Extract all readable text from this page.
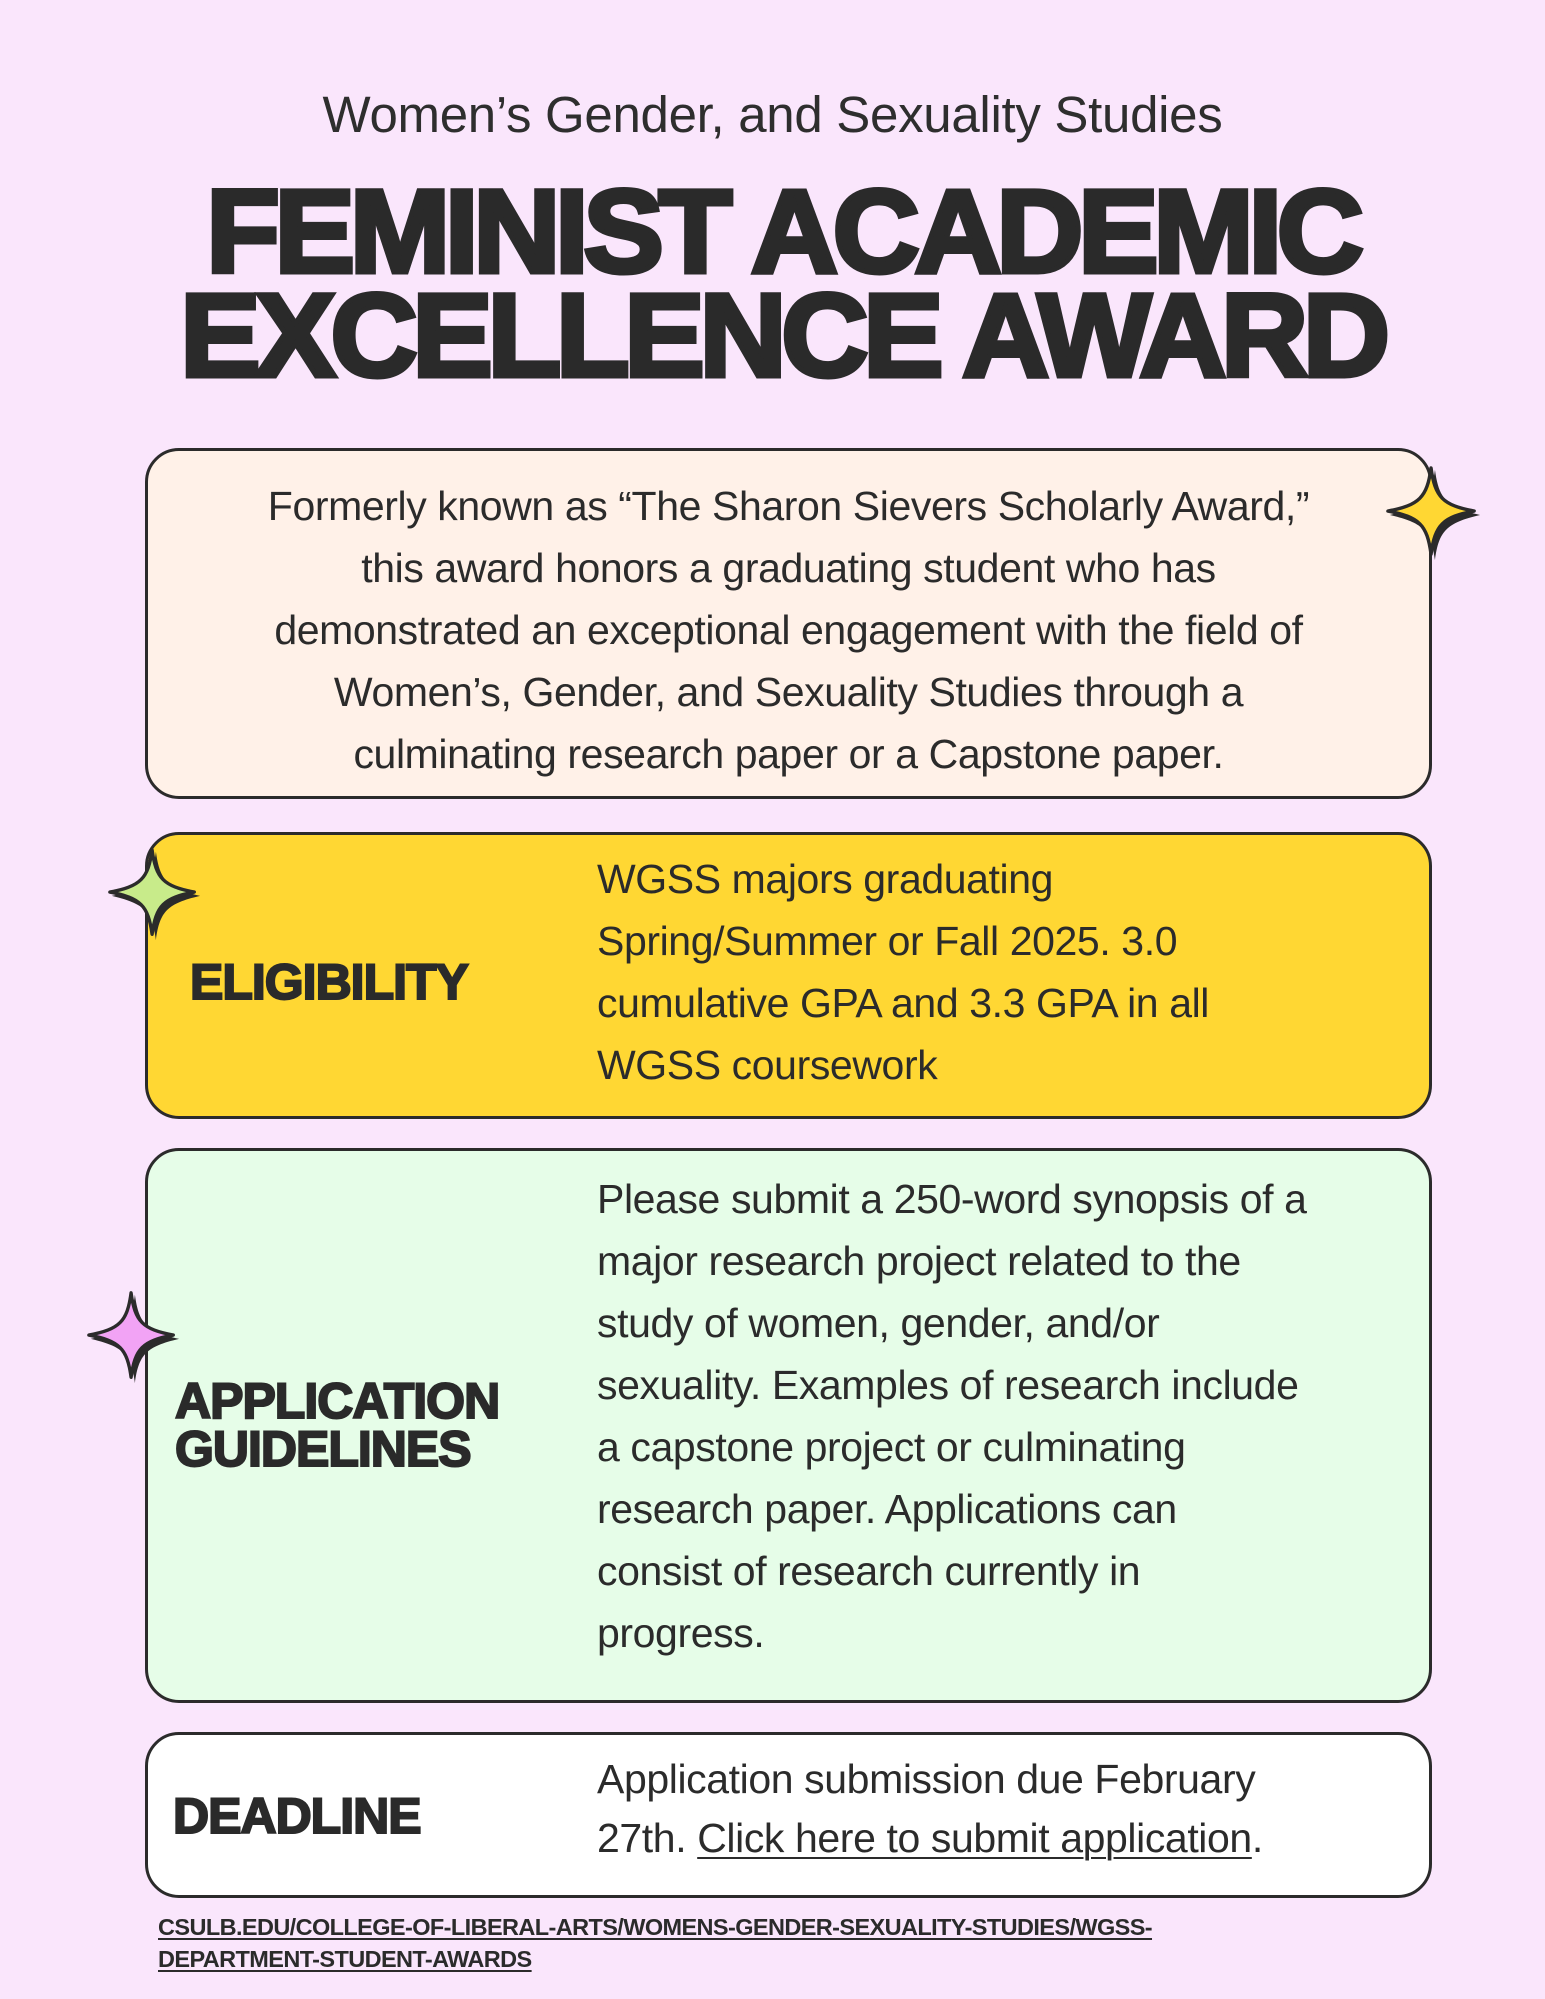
Women’s Gender, and Sexuality Studies
FEMINIST ACADEMIC
EXCELLENCE AWARD
Formerly known as “The Sharon Sievers Scholarly Award,”
this award honors a graduating student who has
demonstrated an exceptional engagement with the field of
Women’s, Gender, and Sexuality Studies through a
culminating research paper or a Capstone paper.
ELIGIBILITY
WGSS majors graduating
Spring/Summer or Fall 2025. 3.0
cumulative GPA and 3.3 GPA in all
WGSS coursework
APPLICATION
GUIDELINES
Please submit a 250-word synopsis of a
major research project related to the
study of women, gender, and/or
sexuality. Examples of research include
a capstone project or culminating
research paper. Applications can
consist of research currently in
progress.
DEADLINE
Application submission due February
27th. Click here to submit application.
CSULB.EDU/COLLEGE-OF-LIBERAL-ARTS/WOMENS-GENDER-SEXUALITY-STUDIES/WGSS-
DEPARTMENT-STUDENT-AWARDS
